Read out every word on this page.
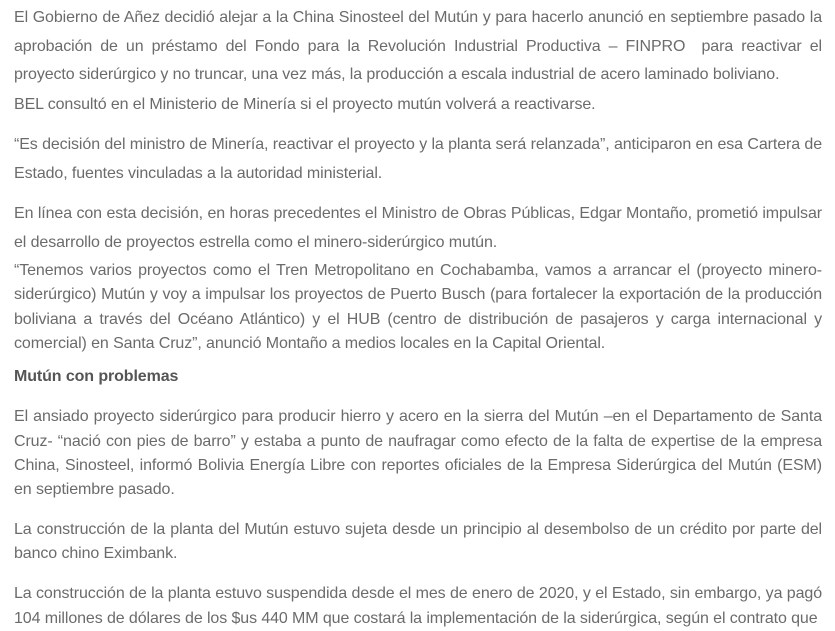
El Gobierno de Añez decidió alejar a la China Sinosteel del Mutún y para hacerlo anunció en septiembre pasado la aprobación de un préstamo del Fondo para la Revolución Industrial Productiva – FINPRO  para reactivar el proyecto siderúrgico y no truncar, una vez más, la producción a escala industrial de acero laminado boliviano.

BEL consultó en el Ministerio de Minería si el proyecto mutún volverá a reactivarse.

“Es decisión del ministro de Minería, reactivar el proyecto y la planta será relanzada”, anticiparon en esa Cartera de Estado, fuentes vinculadas a la autoridad ministerial.

En línea con esta decisión, en horas precedentes el Ministro de Obras Públicas, Edgar Montaño, prometió impulsar el desarrollo de proyectos estrella como el minero-siderúrgico mutún.

“Tenemos varios proyectos como el Tren Metropolitano en Cochabamba, vamos a arrancar el (proyecto minero-siderúrgico) Mutún y voy a impulsar los proyectos de Puerto Busch (para fortalecer la exportación de la producción boliviana a través del Océano Atlántico) y el HUB (centro de distribución de pasajeros y carga internacional y comercial) en Santa Cruz”, anunció Montaño a medios locales en la Capital Oriental.

Mutún con problemas

El ansiado proyecto siderúrgico para producir hierro y acero en la sierra del Mutún –en el Departamento de Santa Cruz- “nació con pies de barro” y estaba a punto de naufragar como efecto de la falta de expertise de la empresa China, Sinosteel, informó Bolivia Energía Libre con reportes oficiales de la Empresa Siderúrgica del Mutún (ESM) en septiembre pasado.

La construcción de la planta del Mutún estuvo sujeta desde un principio al desembolso de un crédito por parte del banco chino Eximbank.

La construcción de la planta estuvo suspendida desde el mes de enero de 2020, y el Estado, sin embargo, ya pagó 104 millones de dólares de los $us 440 MM que costará la implementación de la siderúrgica, según el contrato que
